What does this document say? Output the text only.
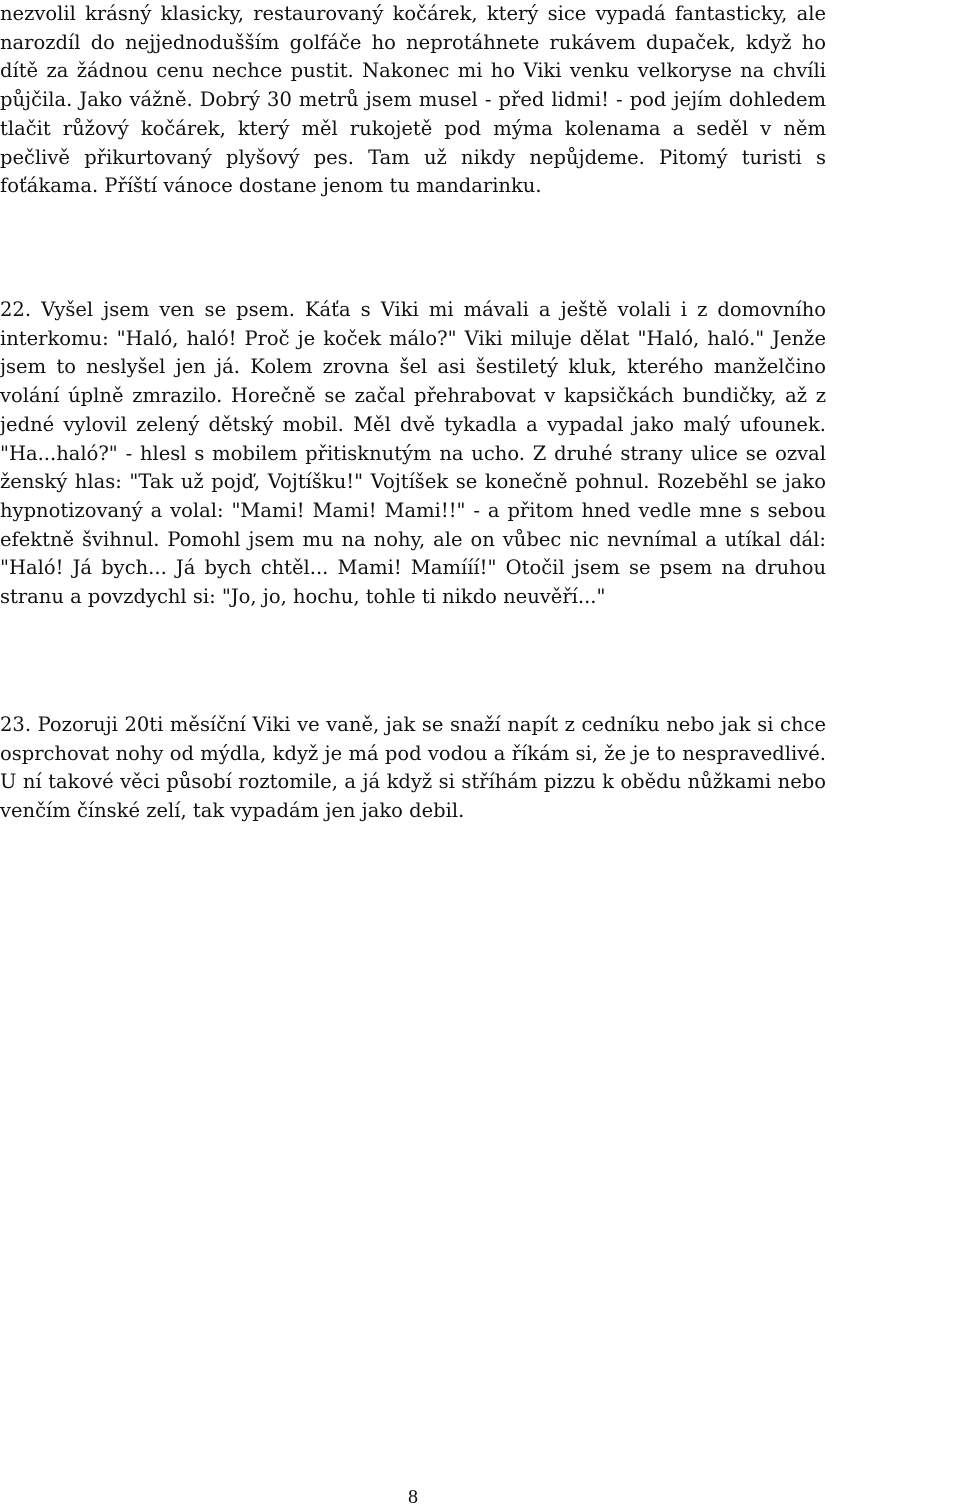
nezvolil krásný klasicky, restaurovaný kočárek, který sice vypadá fantasticky, ale narozdíl do nejjednodušším golfáče ho neprotáhnete rukávem dupaček, když ho dítě za žádnou cenu nechce pustit. Nakonec mi ho Viki venku velkoryse na chvíli půjčila. Jako vážně. Dobrý 30 metrů jsem musel - před lidmi! - pod jejím dohledem tlačit růžový kočárek, který měl rukojetě pod mýma kolenama a seděl v něm pečlivě přikurtovaný plyšový pes. Tam už nikdy nepůjdeme. Pitomý turisti s foťákama. Příští vánoce dostane jenom tu mandarinku.

22. Vyšel jsem ven se psem. Káťa s Viki mi mávali a ještě volali i z domovního interkomu: "Haló, haló! Proč je koček málo?" Viki miluje dělat "Haló, haló." Jenže jsem to neslyšel jen já. Kolem zrovna šel asi šestiletý kluk, kterého manželčino volání úplně zmrazilo. Horečně se začal přehrabovat v kapsičkách bundičky, až z jedné vylovil zelený dětský mobil. Měl dvě tykadla a vypadal jako malý ufounek. "Ha...haló?" - hlesl s mobilem přitisknutým na ucho. Z druhé strany ulice se ozval ženský hlas: "Tak už pojď, Vojtíšku!" Vojtíšek se konečně pohnul. Rozeběhl se jako hypnotizovaný a volal: "Mami! Mami! Mami!!" - a přitom hned vedle mne s sebou efektně švihnul. Pomohl jsem mu na nohy, ale on vůbec nic nevnímal a utíkal dál: "Haló! Já bych... Já bych chtěl... Mami! Mamííí!" Otočil jsem se psem na druhou stranu a povzdychl si: "Jo, jo, hochu, tohle ti nikdo neuvěří..."

23. Pozoruji 20ti měsíční Viki ve vaně, jak se snaží napít z cedníku nebo jak si chce osprchovat nohy od mýdla, když je má pod vodou a říkám si, že je to nespravedlivé. U ní takové věci působí roztomile, a já když si stříhám pizzu k obědu nůžkami nebo venčím čínské zelí, tak vypadám jen jako debil.

8
